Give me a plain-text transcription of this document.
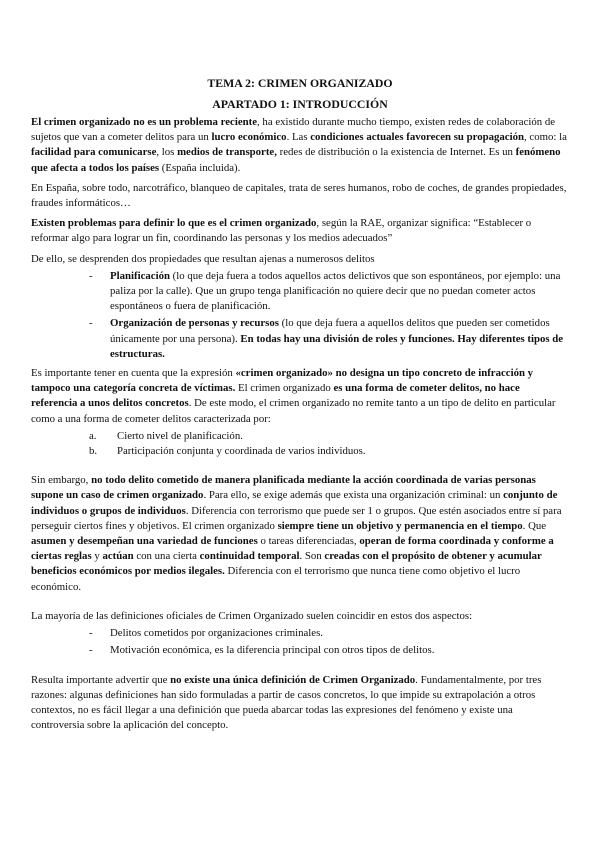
TEMA 2: CRIMEN ORGANIZADO
APARTADO 1: INTRODUCCIÓN

El crimen organizado no es un problema reciente, ha existido durante mucho tiempo, existen redes de colaboración de sujetos que van a cometer delitos para un lucro económico. Las condiciones actuales favorecen su propagación, como: la facilidad para comunicarse, los medios de transporte, redes de distribución o la existencia de Internet. Es un fenómeno que afecta a todos los países (España incluida).

En España, sobre todo, narcotráfico, blanqueo de capitales, trata de seres humanos, robo de coches, de grandes propiedades, fraudes informáticos…

Existen problemas para definir lo que es el crimen organizado, según la RAE, organizar significa: “Establecer o reformar algo para lograr un fin, coordinando las personas y los medios adecuados”

De ello, se desprenden dos propiedades que resultan ajenas a numerosos delitos

- Planificación (lo que deja fuera a todos aquellos actos delictivos que son espontáneos, por ejemplo: una paliza por la calle). Que un grupo tenga planificación no quiere decir que no puedan cometer actos espontáneos o fuera de planificación.
- Organización de personas y recursos (lo que deja fuera a aquellos delitos que pueden ser cometidos únicamente por una persona). En todas hay una división de roles y funciones. Hay diferentes tipos de estructuras.

Es importante tener en cuenta que la expresión «crimen organizado» no designa un tipo concreto de infracción y tampoco una categoría concreta de víctimas. El crimen organizado es una forma de cometer delitos, no hace referencia a unos delitos concretos. De este modo, el crimen organizado no remite tanto a un tipo de delito en particular como a una forma de cometer delitos caracterizada por:

a. Cierto nivel de planificación.
b. Participación conjunta y coordinada de varios individuos.

Sin embargo, no todo delito cometido de manera planificada mediante la acción coordinada de varias personas supone un caso de crimen organizado. Para ello, se exige además que exista una organización criminal: un conjunto de individuos o grupos de individuos. Diferencia con terrorismo que puede ser 1 o grupos. Que estén asociados entre sí para perseguir ciertos fines y objetivos. El crimen organizado siempre tiene un objetivo y permanencia en el tiempo. Que asumen y desempeñan una variedad de funciones o tareas diferenciadas, operan de forma coordinada y conforme a ciertas reglas y actúan con una cierta continuidad temporal. Son creadas con el propósito de obtener y acumular beneficios económicos por medios ilegales. Diferencia con el terrorismo que nunca tiene como objetivo el lucro económico.

La mayoría de las definiciones oficiales de Crimen Organizado suelen coincidir en estos dos aspectos:

- Delitos cometidos por organizaciones criminales.
- Motivación económica, es la diferencia principal con otros tipos de delitos.

Resulta importante advertir que no existe una única definición de Crimen Organizado. Fundamentalmente, por tres razones: algunas definiciones han sido formuladas a partir de casos concretos, lo que impide su extrapolación a otros contextos, no es fácil llegar a una definición que pueda abarcar todas las expresiones del fenómeno y existe una controversia sobre la aplicación del concepto.
